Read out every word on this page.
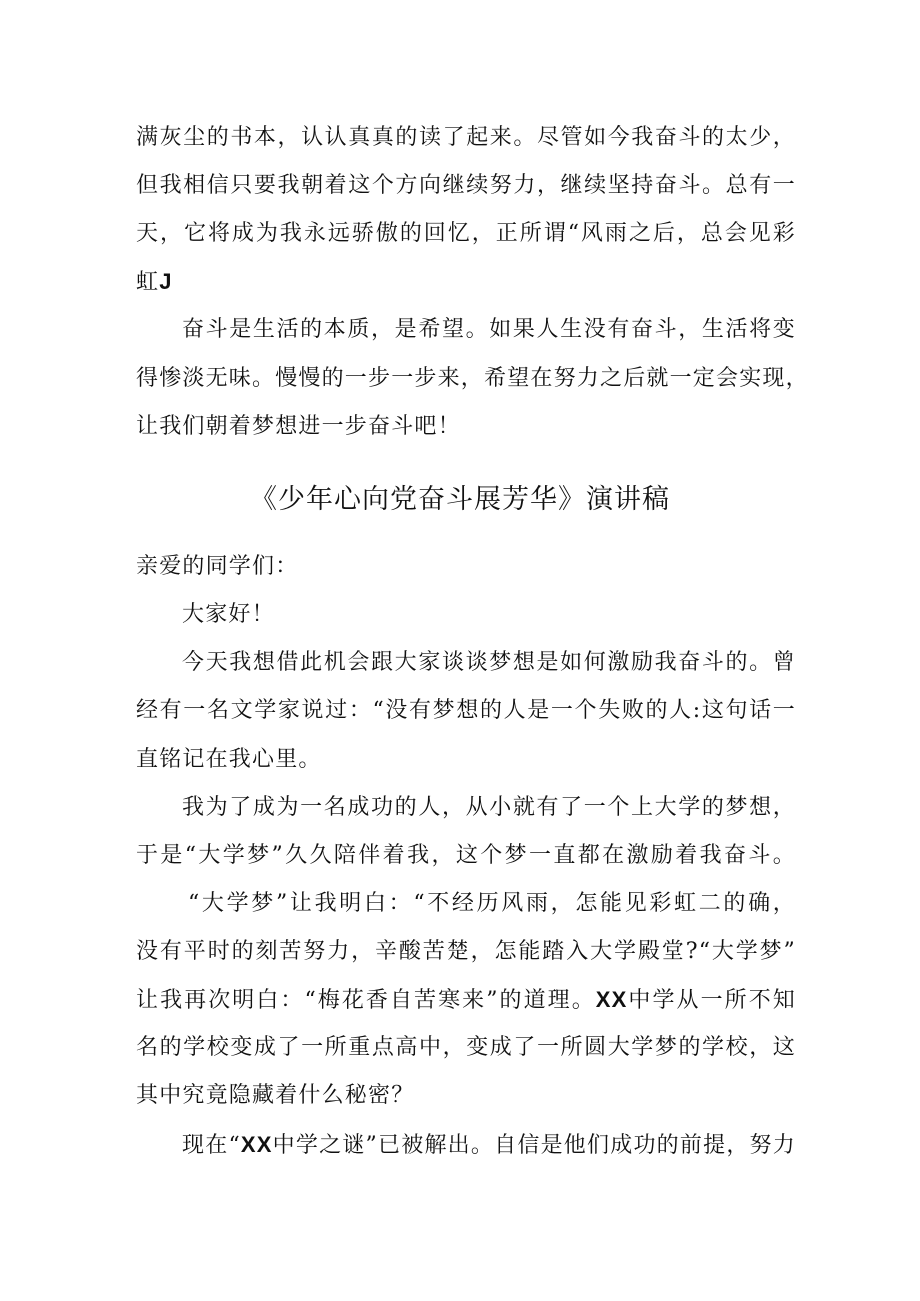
满灰尘的书本，认认真真的读了起来。尽管如今我奋斗的太少，
但我相信只要我朝着这个方向继续努力，继续坚持奋斗。总有一
天，它将成为我永远骄傲的回忆，正所谓“风雨之后，总会见彩
虹J
奋斗是生活的本质，是希望。如果人生没有奋斗，生活将变
得惨淡无味。慢慢的一步一步来，希望在努力之后就一定会实现，
让我们朝着梦想进一步奋斗吧！
《少年心向党奋斗展芳华》演讲稿
亲爱的同学们：
大家好！
今天我想借此机会跟大家谈谈梦想是如何激励我奋斗的。曾
经有一名文学家说过：“没有梦想的人是一个失败的人:这句话一
直铭记在我心里。
我为了成为一名成功的人，从小就有了一个上大学的梦想，
于是“大学梦”久久陪伴着我，这个梦一直都在激励着我奋斗。
“大学梦”让我明白：“不经历风雨，怎能见彩虹二的确，
没有平时的刻苦努力，辛酸苦楚，怎能踏入大学殿堂?“大学梦”
让我再次明白：“梅花香自苦寒来”的道理。XX中学从一所不知
名的学校变成了一所重点高中，变成了一所圆大学梦的学校，这
其中究竟隐藏着什么秘密？
现在“XX中学之谜”已被解出。自信是他们成功的前提，努力
